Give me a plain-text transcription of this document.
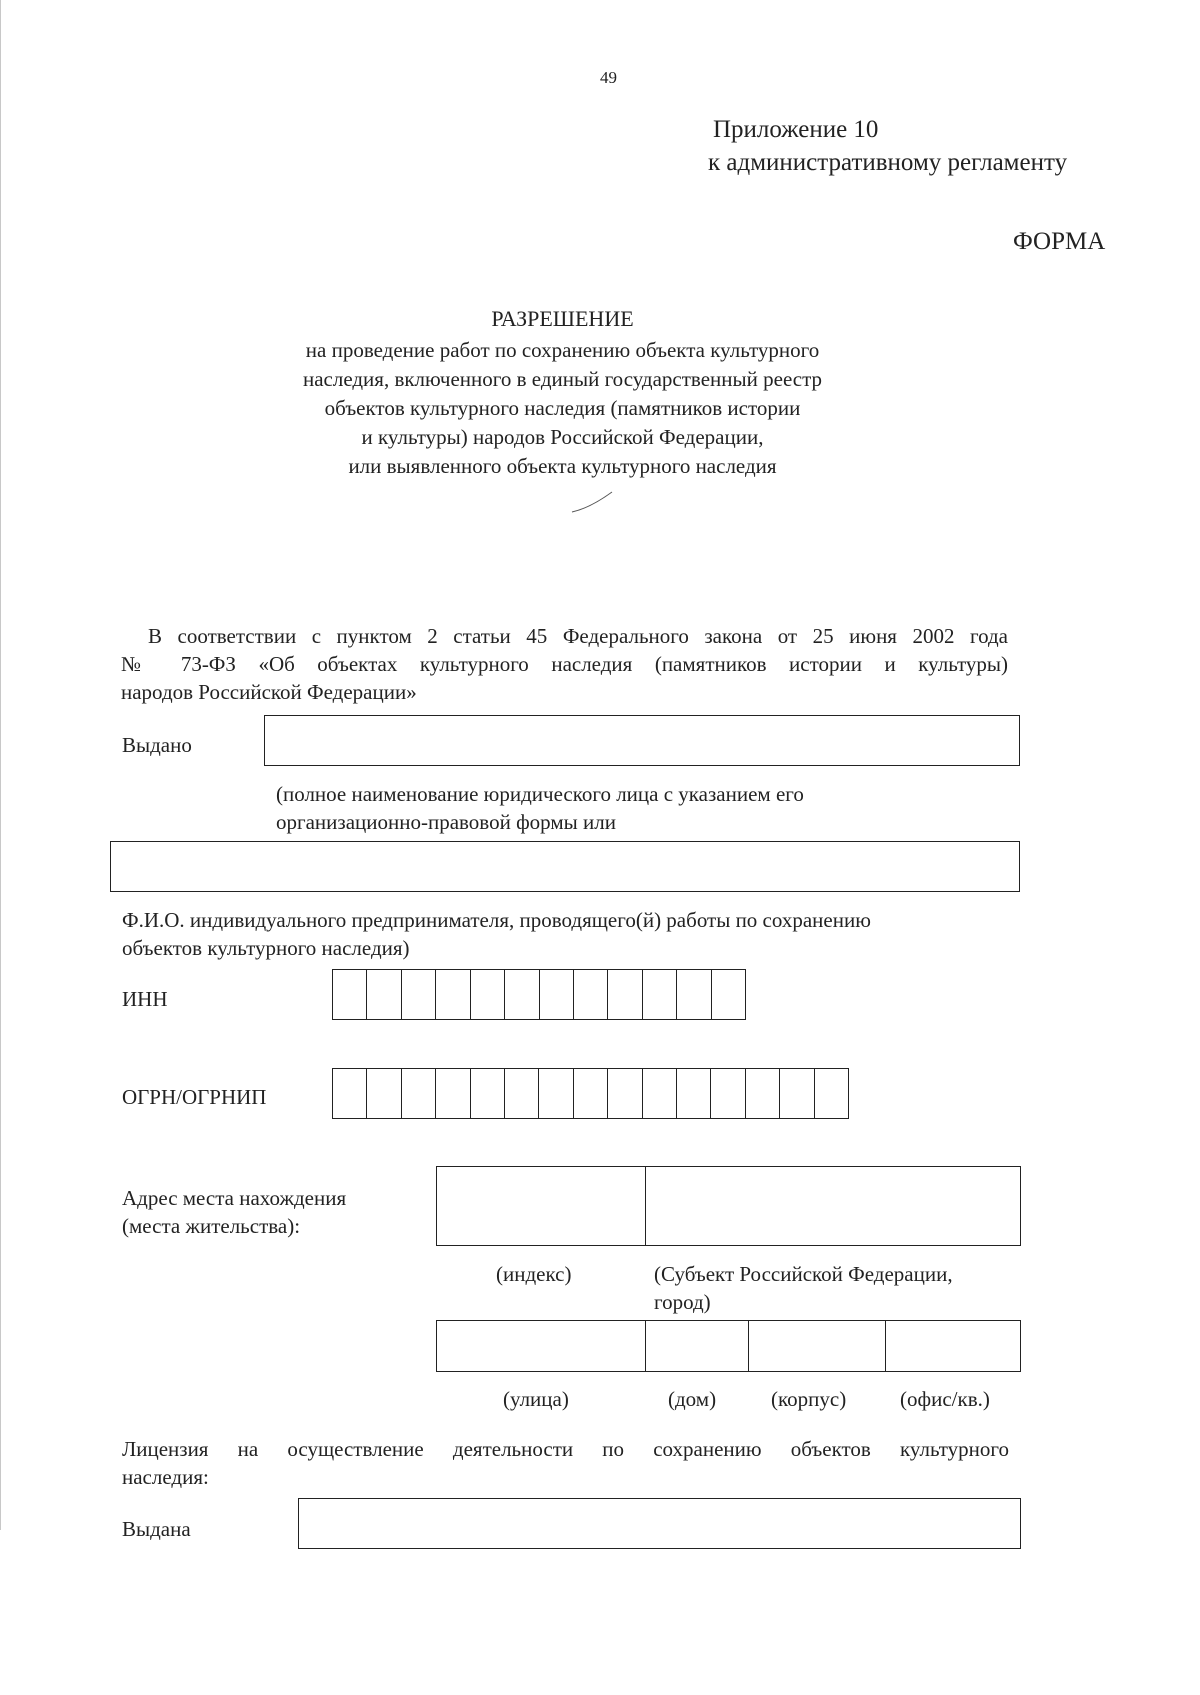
49
Приложение 10
к административному регламенту
ФОРМА
РАЗРЕШЕНИЕ
на проведение работ по сохранению объекта культурного
наследия, включенного в единый государственный реестр
объектов культурного наследия (памятников истории
и культуры) народов Российской Федерации,
или выявленного объекта культурного наследия
В соответствии с пунктом 2 статьи 45 Федерального закона от 25 июня 2002 года
№ 73-ФЗ «Об объектах культурного наследия (памятников истории и культуры)
народов Российской Федерации»
Выдано
(полное наименование юридического лица с указанием его
организационно-правовой формы или
Ф.И.О. индивидуального предпринимателя, проводящего(й) работы по сохранению
объектов культурного наследия)
ИНН
ОГРН/ОГРНИП
Адрес места нахождения
(места жительства):
(индекс)	(Субъект Российской Федерации,
город)
(улица)	(дом)	(корпус)	(офис/кв.)
Лицензия на осуществление деятельности по сохранению объектов культурного
наследия:
Выдана
